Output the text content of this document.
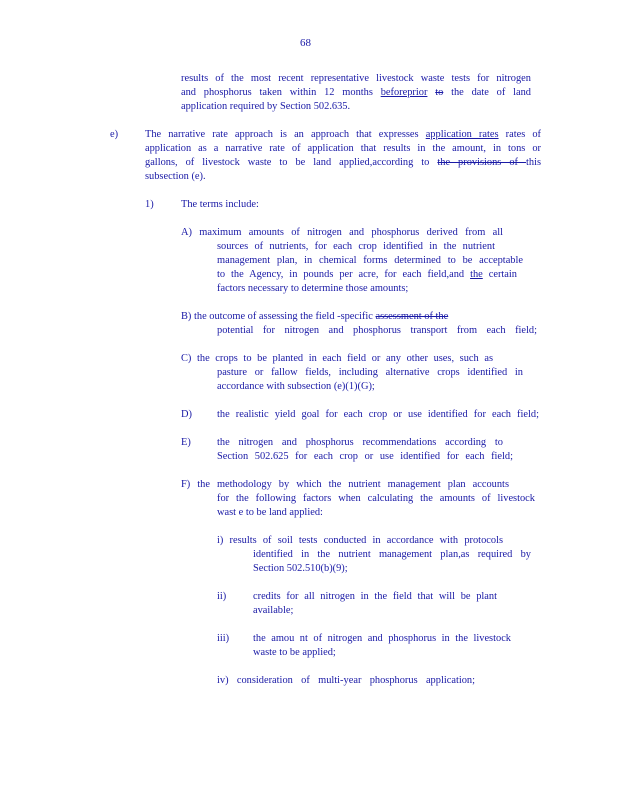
68
results of the most recent representative livestock waste tests for nitrogen
and phosphorus taken within 12 months beforeprior to the date of land
application required by Section 502.635.
e)	The narrative rate approach is an approach that expresses application rates rates of
application as a narrative rate of application that results in the amount, in tons or
gallons, of livestock waste to be land applied,according to the provisions of this
subsection (e).
1)	The terms include:
A) maximum amounts of nitrogen and phosphorus derived from all
sources of nutrients, for each crop identified in the nutrient
management plan, in chemical forms determined to be acceptable
to the Agency, in pounds per acre, for each field,and the certain
factors necessary to determine those amounts;
B) the outcome of assessing the field -specific assessment of the
potential for nitrogen and phosphorus transport from each field;
C) the crops to be planted in each field or any other uses, such as
pasture or fallow fields, including alternative crops identified in
accordance with subsection (e)(1)(G);
D) the realistic yield goal for each crop or use identified for each field;
E)	the nitrogen and phosphorus recommendations according to
Section 502.625 for each crop or use identified for each field;
F) the methodology by which the nutrient management plan accounts
for the following factors when calculating the amounts of livestock
wast e to be land applied:
i) results of soil tests conducted in accordance with protocols
identified in the nutrient management plan,as required by
Section 502.510(b)(9);
ii)	credits for all nitrogen in the field that will be plant
available;
iii) the amou nt of nitrogen and phosphorus in the livestock
waste to be applied;
iv) consideration of multi-year phosphorus application;
